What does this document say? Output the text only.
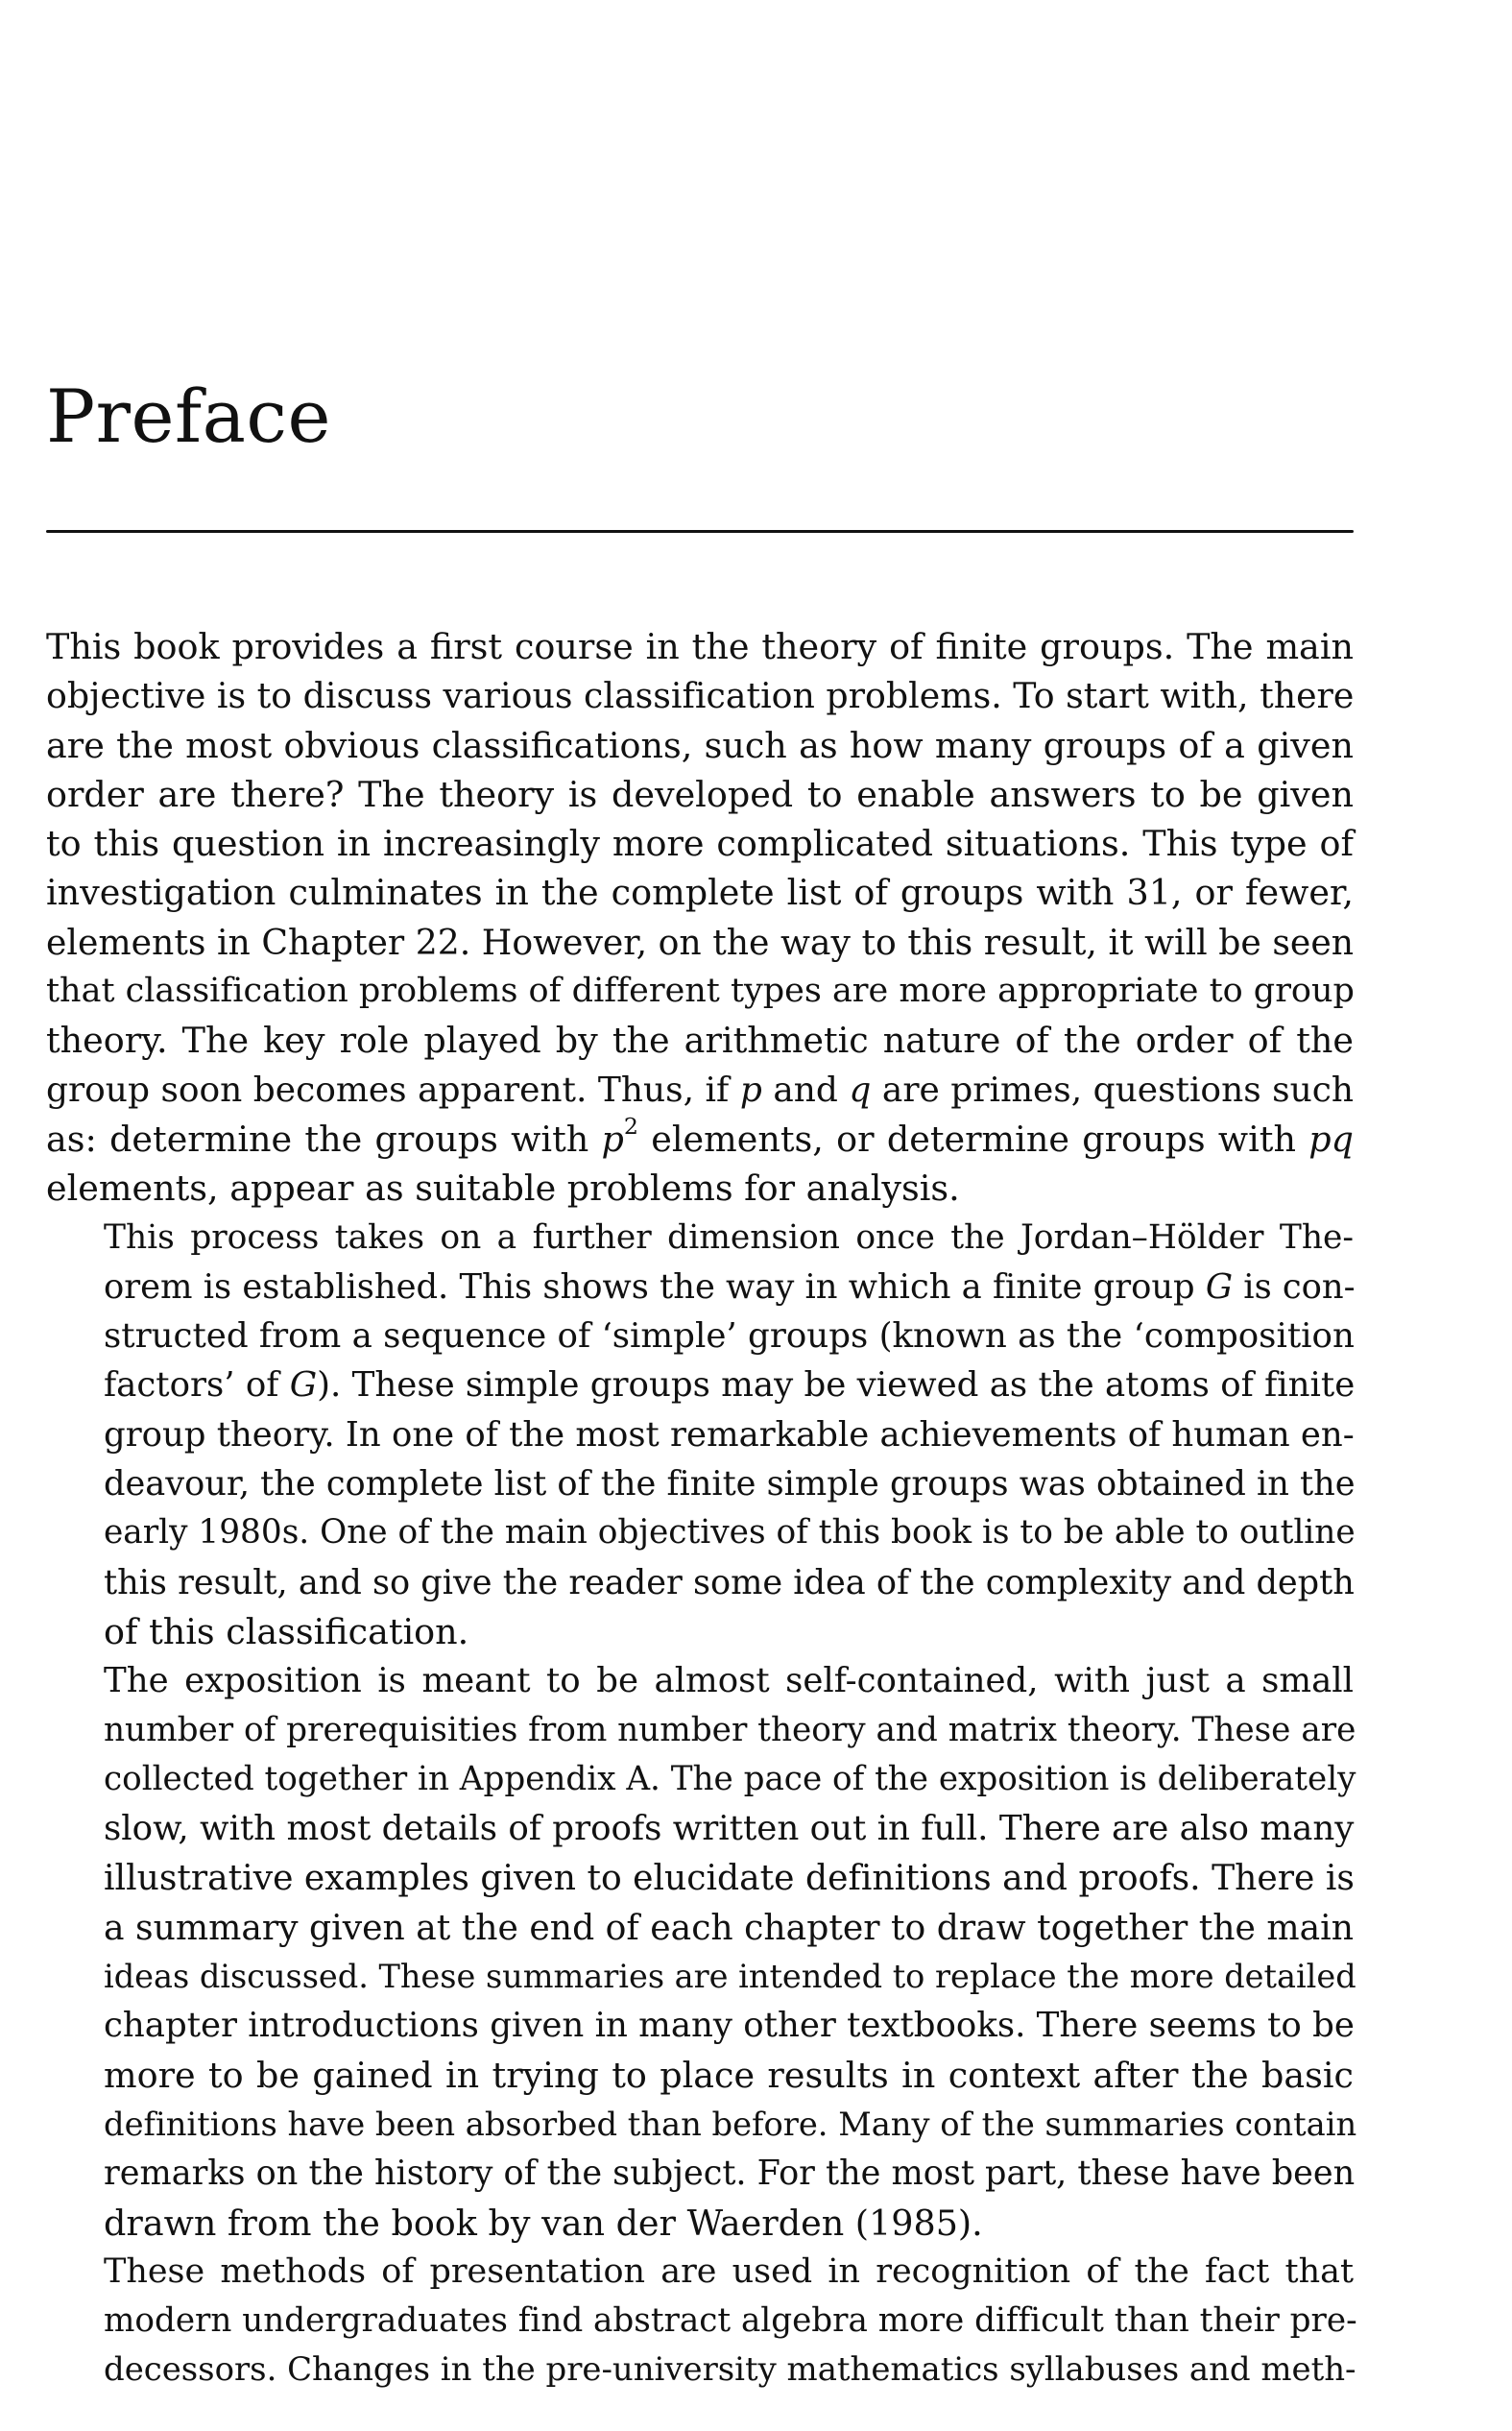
Preface

This book provides a first course in the theory of finite groups. The main
objective is to discuss various classification problems. To start with, there
are the most obvious classifications, such as how many groups of a given
order are there? The theory is developed to enable answers to be given
to this question in increasingly more complicated situations. This type of
investigation culminates in the complete list of groups with 31, or fewer,
elements in Chapter 22. However, on the way to this result, it will be seen
that classification problems of different types are more appropriate to group
theory. The key role played by the arithmetic nature of the order of the
group soon becomes apparent. Thus, if p and q are primes, questions such
as: determine the groups with $p^2$ elements, or determine groups with pq
elements, appear as suitable problems for analysis.

This process takes on a further dimension once the Jordan–Hölder The-
orem is established. This shows the way in which a finite group G is con-
structed from a sequence of ‘simple’ groups (known as the ‘composition
factors’ of G). These simple groups may be viewed as the atoms of finite
group theory. In one of the most remarkable achievements of human en-
deavour, the complete list of the finite simple groups was obtained in the
early 1980s. One of the main objectives of this book is to be able to outline
this result, and so give the reader some idea of the complexity and depth
of this classification.

The exposition is meant to be almost self-contained, with just a small
number of prerequisities from number theory and matrix theory. These are
collected together in Appendix A. The pace of the exposition is deliberately
slow, with most details of proofs written out in full. There are also many
illustrative examples given to elucidate definitions and proofs. There is
a summary given at the end of each chapter to draw together the main
ideas discussed. These summaries are intended to replace the more detailed
chapter introductions given in many other textbooks. There seems to be
more to be gained in trying to place results in context after the basic
definitions have been absorbed than before. Many of the summaries contain
remarks on the history of the subject. For the most part, these have been
drawn from the book by van der Waerden (1985).

These methods of presentation are used in recognition of the fact that
modern undergraduates find abstract algebra more difficult than their pre-
decessors. Changes in the pre-university mathematics syllabuses and meth-
